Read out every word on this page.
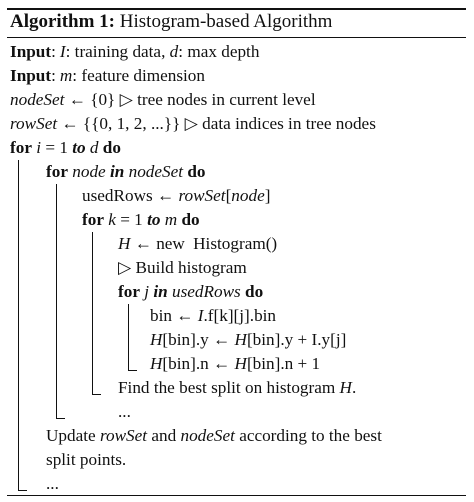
Algorithm 1: Histogram-based Algorithm
Input: I: training data, d: max depth
Input: m: feature dimension
nodeSet ← {0} ▷ tree nodes in current level
rowSet ← {{0, 1, 2, ...}} ▷ data indices in tree nodes
for i = 1 to d do
for node in nodeSet do
usedRows ← rowSet[node]
for k = 1 to m do
H ← new Histogram()
▷ Build histogram
for j in usedRows do
bin ← I.f[k][j].bin
H[bin].y ← H[bin].y + I.y[j]
H[bin].n ← H[bin].n + 1
Find the best split on histogram H.
...
Update rowSet and nodeSet according to the best
split points.
...
